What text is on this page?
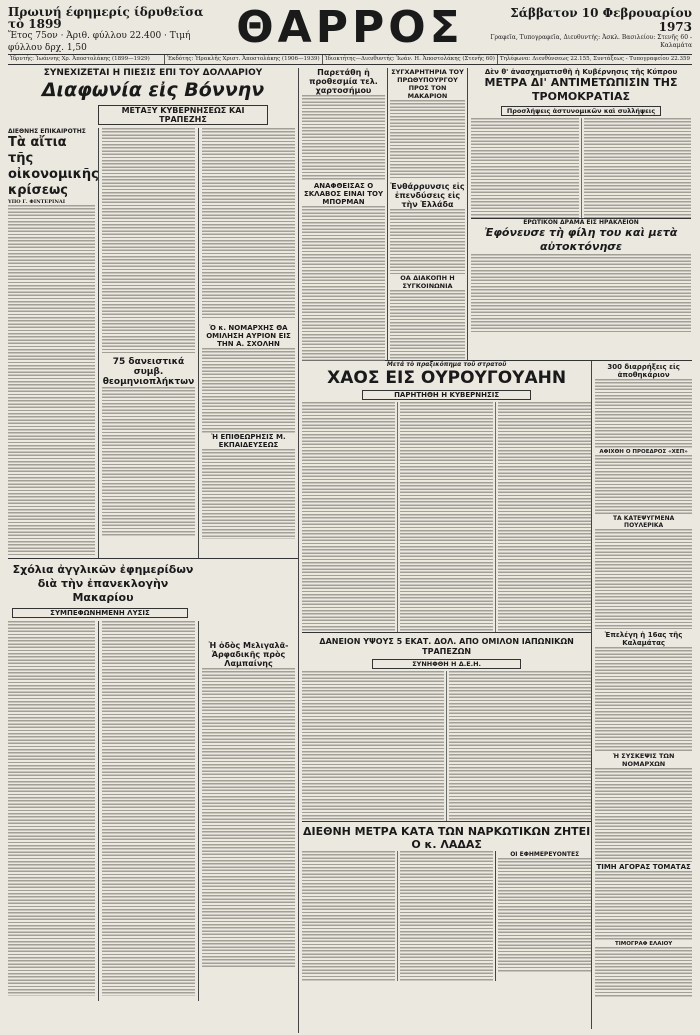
Πρωινή έφημερίς ίδρυθεῖσα τὸ 1899
Ἔτος 75ον · Ἀριθ. φύλλου 22.400 · Τιμή φύλλου δρχ. 1,50	ΘΑΡΡΟΣ	Σάββατον 10 Φεβρουαρίου 1973
Γραφεῖα, Τυπογραφεῖα, Διευθυντής: Ἀσκλ. Βασιλείου: Στενῆς 60 - Καλαμάτα
Ἱδρυτής: Ἰωάννης Χρ. Ἀποστολάκης (1899—1929)	Ἐκδότης: Ἡρακλῆς Χριστ. Ἀποστολάκης (1906—1939) Ἰδιοκτήτης—Διευθυντής: Ἰωάν. Η. Ἀποστολάκης (Στενῆς 60) Τηλέφωνα: Διευθύνσεως 22.155, Συντάξεως - Τυπογραφείου 22.359
ΣΥΝΕΧΙΖΕΤΑΙ Η ΠΙΕΣΙΣ ΕΠΙ ΤΟΥ ΔΟΛΛΑΡΙΟΥ
Διαφωνία εἰς Βόννην
ΜΕΤΑΞΥ ΚΥΒΕΡΝΗΣΕΩΣ ΚΑΙ ΤΡΑΠΕΖΗΣ
ΔΙΕΘΝΗΣ ΕΠΙΚΑΙΡΟΤΗΣ
Τὰ αἴτια τῆς οἰκονομικῆς κρίσεως
ΥΠΟ Γ. ΦΙΝΤΕΡΙΝΑΙ
75 δανειστικά συμβ. θεομηνιοπλήκτων
Ὁ κ. ΝΟΜΑΡΧΗΣ ΘΑ ΟΜΙΛΗΣΗ ΑΥΡΙΟΝ ΕΙΣ ΤΗΝ Α. ΣΧΟΛΗΝ
Ἡ ΕΠΙΘΕΩΡΗΣΙΣ Μ. ΕΚΠΑΙΔΕΥΣΕΩΣ
Σχόλια ἀγγλικῶν ἐφημερίδων διὰ τὴν ἐπανεκλογὴν Μακαρίου
ΣΥΜΠΕΦΩΝΗΜΕΝΗ ΛΥΣΙΣ
Ἡ ὁδὸς Μελιγαλᾶ-Ἀρφαδικῆς πρὸς Λαμπαίνης
Παρετάθη ἡ προθεσμία τελ. χαρτοσήμου
ΑΝΑΦΘΕΙΣΑΣ Ο ΣΚΛΑΒΟΣ ΕΙΝΑΙ ΤΟΥ ΜΠΟΡΜΑΝ
ΣΥΓΧΑΡΗΤΗΡΙΑ ΤΟΥ ΠΡΩΘΥΠΟΥΡΓΟΥ ΠΡΟΣ ΤΟΝ ΜΑΚΑΡΙΟΝ
Ἐνθάρρυνσις εἰς ἐπενδύσεις εἰς τὴν Ἑλλάδα
ΟΑ ΔΙΑΚΟΠΗ Η ΣΥΓΚΟΙΝΩΝΙΑ
Δὲν θ' ἀνασχηματισθῆ ἡ Κυβέρνησις τῆς Κύπρου
ΜΕΤΡΑ ΔΙ' ΑΝΤΙΜΕΤΩΠΙΣΙΝ ΤΗΣ ΤΡΟΜΟΚΡΑΤΙΑΣ
Προσλήψεις ἀστυνομικῶν καὶ συλλήψεις
ΕΡΩΤΙΚΟΝ ΔΡΑΜΑ ΕΙΣ ΗΡΑΚΛΕΙΟΝ
Ἐφόνευσε τὴ φίλη του καὶ μετὰ αὐτοκτόνησε
Μετά τὸ πραξικόπημα τοῦ στρατοῦ
ΧΑΟΣ ΕΙΣ ΟΥΡΟΥΓΟΥΑΗΝ
ΠΑΡΗΤΗΘΗ Η ΚΥΒΕΡΝΗΣΙΣ
ΔΑΝΕΙΟΝ ΥΨΟΥΣ 5 ΕΚΑΤ. ΔΟΛ. ΑΠΟ ΟΜΙΛΟΝ ΙΑΠΩΝΙΚΩΝ ΤΡΑΠΕΖΩΝ
ΣΥΝΗΦΘΗ Η Δ.Ε.Η.
ΔΙΕΘΝΗ ΜΕΤΡΑ ΚΑΤΑ ΤΩΝ ΝΑΡΚΩΤΙΚΩΝ ΖΗΤΕΙ Ο κ. ΛΑΔΑΣ
ΟΙ ΕΦΗΜΕΡΕΥΟΝΤΕΣ
300 διαρρήξεις εἰς ἀποθηκάριον
ΑΦΙΧΘΗ Ο ΠΡΟΕΔΡΟΣ «ΧΕΠ»
ΤΑ ΚΑΤΕΨΥΓΜΕΝΑ ΠΟΥΛΕΡΙΚΑ
Ἐπελέγη ἡ 16ας τῆς Καλαμάτας
Ἡ ΣΥΣΚΕΨΙΣ ΤΩΝ ΝΟΜΑΡΧΩΝ
ΤΙΜΗ ΑΓΟΡΑΣ ΤΟΜΑΤΑΣ
ΤΙΜΟΓΡΑΦ ΕΛΑΙΟΥ
